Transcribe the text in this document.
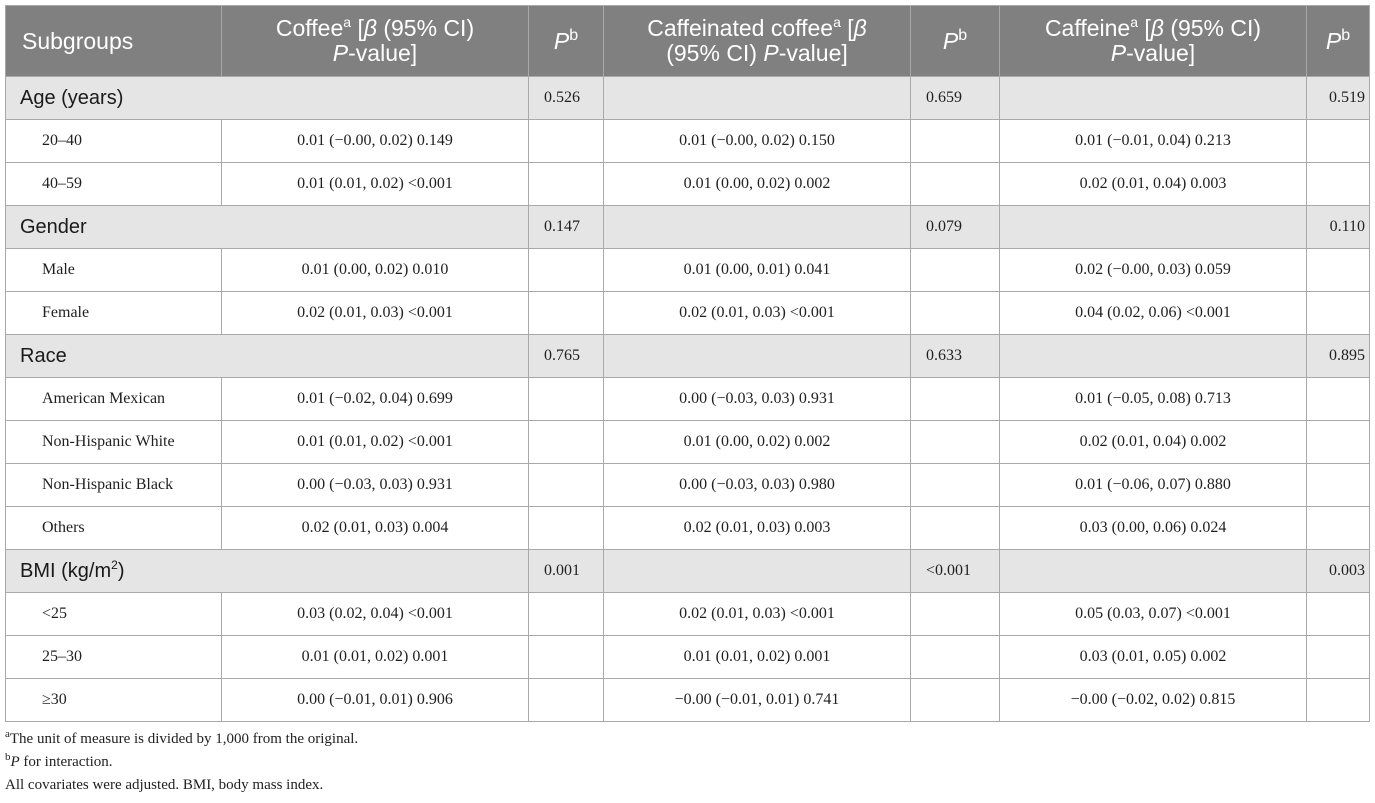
Subgroups	Coffee$^a$ [β (95% CI)
P-value]	$P^b$	Caffeinated coffee$^a$ [β
(95% CI) P-value]	$P^b$	Caffeine$^a$ [β (95% CI)
P-value]	$P^b$
Age (years)		0.526		0.659		0.519
20–40	0.01 (−0.00, 0.02) 0.149		0.01 (−0.00, 0.02) 0.150		0.01 (−0.01, 0.04) 0.213	
40–59	0.01 (0.01, 0.02) <0.001		0.01 (0.00, 0.02) 0.002		0.02 (0.01, 0.04) 0.003	
Gender		0.147		0.079		0.110
Male	0.01 (0.00, 0.02) 0.010		0.01 (0.00, 0.01) 0.041		0.02 (−0.00, 0.03) 0.059	
Female	0.02 (0.01, 0.03) <0.001		0.02 (0.01, 0.03) <0.001		0.04 (0.02, 0.06) <0.001	
Race		0.765		0.633		0.895
American Mexican	0.01 (−0.02, 0.04) 0.699		0.00 (−0.03, 0.03) 0.931		0.01 (−0.05, 0.08) 0.713	
Non-Hispanic White	0.01 (0.01, 0.02) <0.001		0.01 (0.00, 0.02) 0.002		0.02 (0.01, 0.04) 0.002	
Non-Hispanic Black	0.00 (−0.03, 0.03) 0.931		0.00 (−0.03, 0.03) 0.980		0.01 (−0.06, 0.07) 0.880	
Others	0.02 (0.01, 0.03) 0.004		0.02 (0.01, 0.03) 0.003		0.03 (0.00, 0.06) 0.024	
BMI $(kg/m^2)$		0.001		<0.001		0.003
<25	0.03 (0.02, 0.04) <0.001		0.02 (0.01, 0.03) <0.001		0.05 (0.03, 0.07) <0.001	
25–30	0.01 (0.01, 0.02) 0.001		0.01 (0.01, 0.02) 0.001		0.03 (0.01, 0.05) 0.002	
≥30	0.00 (−0.01, 0.01) 0.906		−0.00 (−0.01, 0.01) 0.741		−0.00 (−0.02, 0.02) 0.815	
$^a$The unit of measure is divided by 1,000 from the original.
$^b$P for interaction.
All covariates were adjusted. BMI, body mass index.
